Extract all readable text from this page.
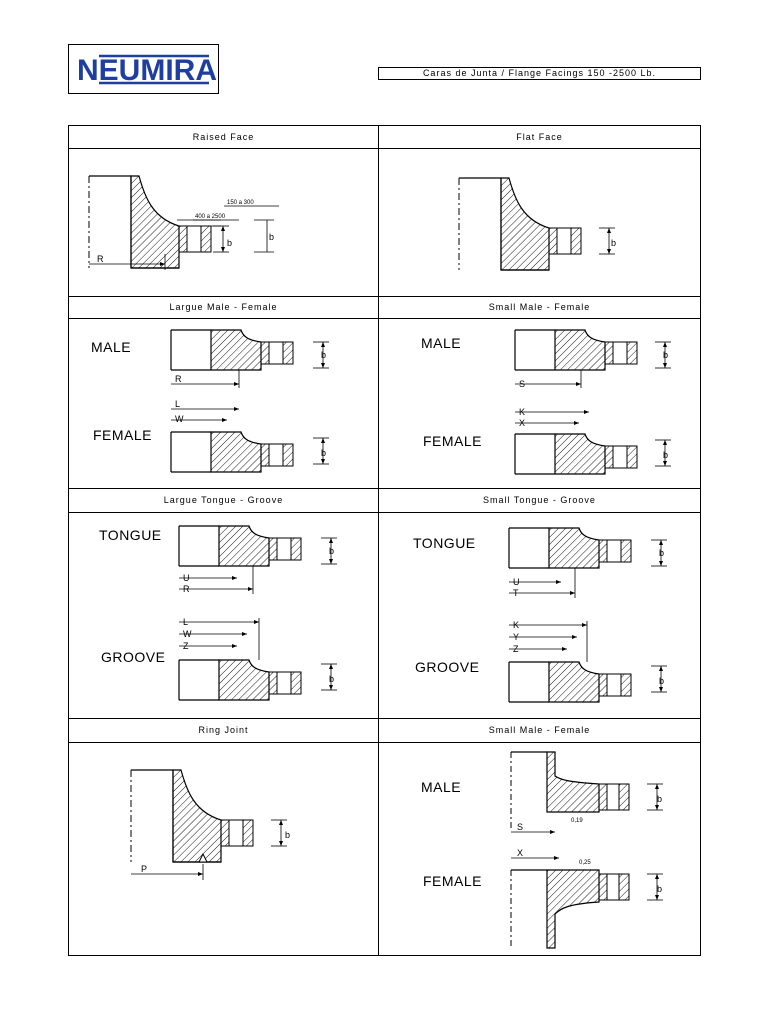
NEUMIRA	Caras de Junta / Flange Facings 150 -2500 Lb.
Raised Face	Flat Face
Largue Male - Female	Small Male - Female
Largue Tongue - Groove	Small Tongue - Groove
Ring Joint	Small Male - Female
150 a 300
400 a 2500
b
b
R
b
MALE	b
R
L
W
FEMALE
b
MALE
b
S
K
X
FEMALE
b
TONGUE
b
U
R
L
W
Z
GROOVE
b
TONGUE
b
U
T
K
Y
Z
GROOVE
b
b
P
MALE
b
0,19
S
X
0,25
FEMALE	b
